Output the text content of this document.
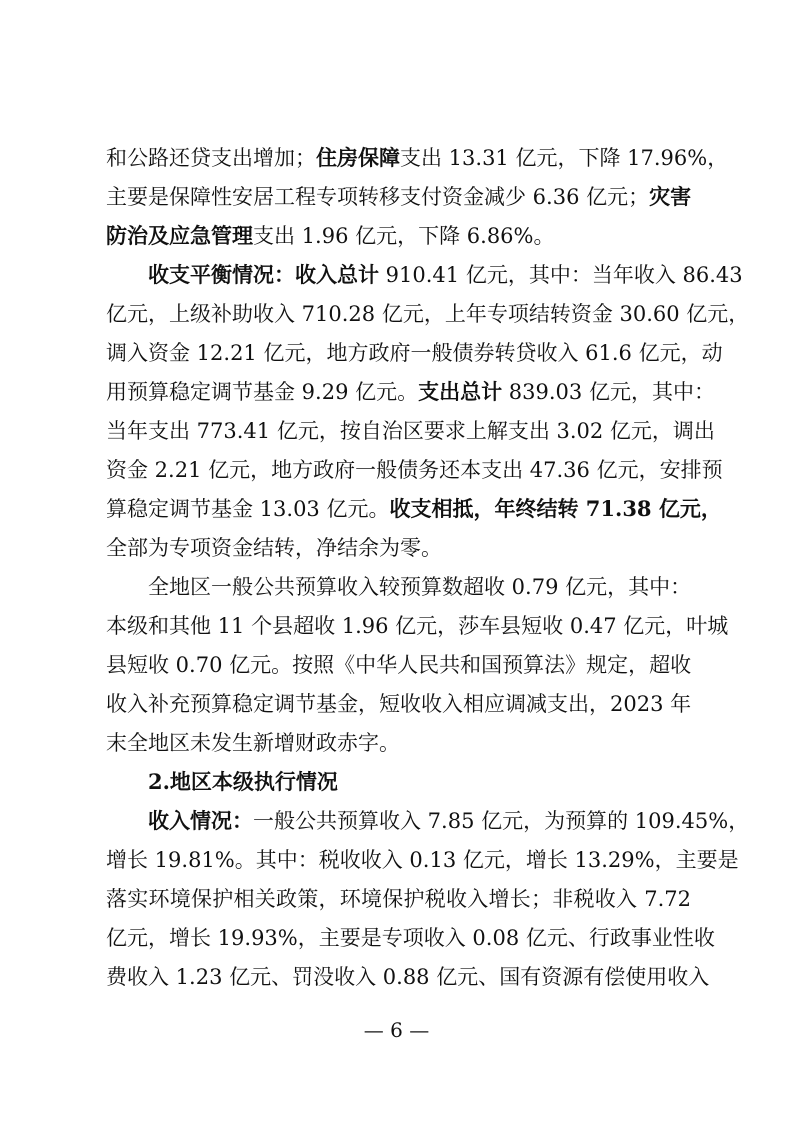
和公路还贷支出增加；住房保障支出 13.31 亿元，下降 17.96%，
主要是保障性安居工程专项转移支付资金减少 6.36 亿元；灾害
防治及应急管理支出 1.96 亿元，下降 6.86%。
收支平衡情况：收入总计 910.41 亿元，其中：当年收入 86.43
亿元，上级补助收入 710.28 亿元，上年专项结转资金 30.60 亿元，
调入资金 12.21 亿元，地方政府一般债券转贷收入 61.6 亿元，动
用预算稳定调节基金 9.29 亿元。支出总计 839.03 亿元，其中：
当年支出 773.41 亿元，按自治区要求上解支出 3.02 亿元，调出
资金 2.21 亿元，地方政府一般债务还本支出 47.36 亿元，安排预
算稳定调节基金 13.03 亿元。收支相抵，年终结转 71.38 亿元，
全部为专项资金结转，净结余为零。
全地区一般公共预算收入较预算数超收 0.79 亿元，其中：
本级和其他 11 个县超收 1.96 亿元，莎车县短收 0.47 亿元，叶城
县短收 0.70 亿元。按照《中华人民共和国预算法》规定，超收
收入补充预算稳定调节基金，短收收入相应调减支出，2023 年
末全地区未发生新增财政赤字。
2.地区本级执行情况
收入情况：一般公共预算收入 7.85 亿元，为预算的 109.45%，
增长 19.81%。其中：税收收入 0.13 亿元，增长 13.29%，主要是
落实环境保护相关政策，环境保护税收入增长；非税收入 7.72
亿元，增长 19.93%，主要是专项收入 0.08 亿元、行政事业性收
费收入 1.23 亿元、罚没收入 0.88 亿元、国有资源有偿使用收入
— 6 —
